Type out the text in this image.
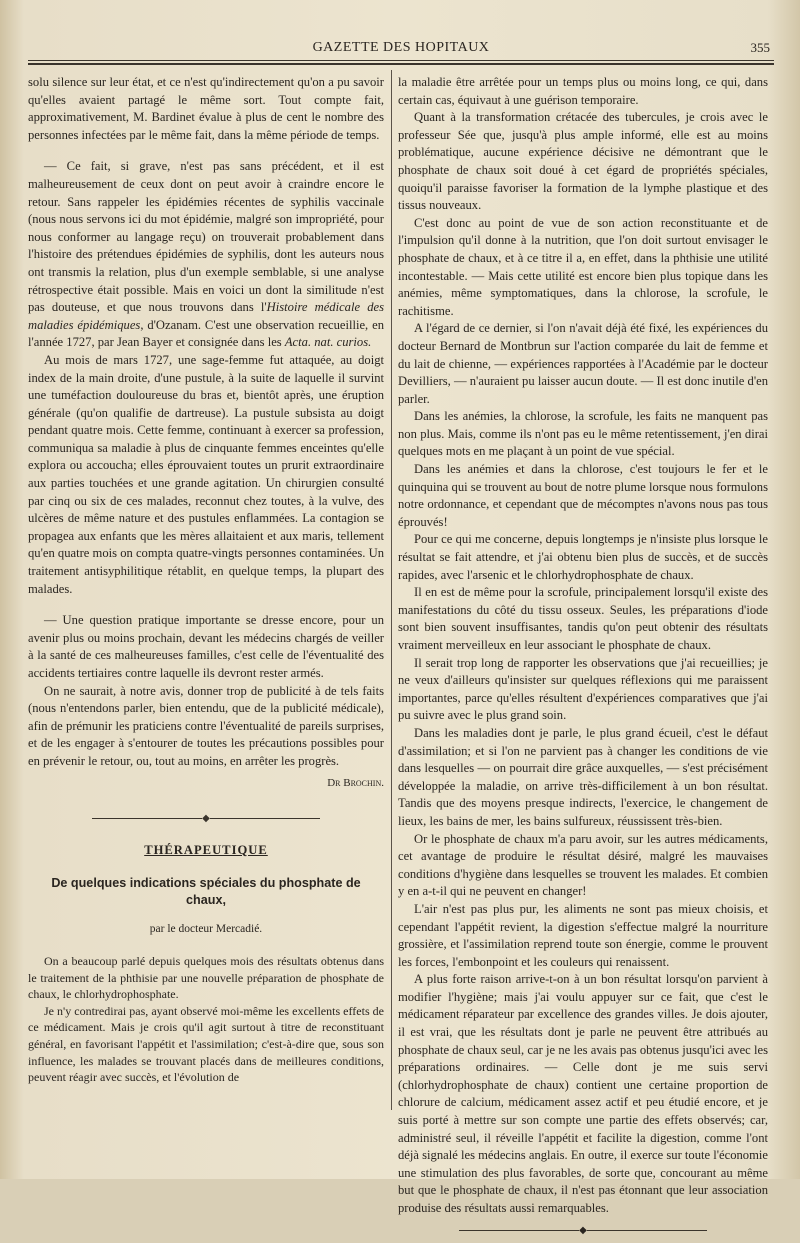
GAZETTE DES HOPITAUX	355

solu silence sur leur état, et ce n'est qu'indirectement qu'on a pu savoir qu'elles avaient partagé le même sort. Tout compte fait, approximativement, M. Bardinet évalue à plus de cent le nombre des personnes infectées par le même fait, dans la même période de temps.

— Ce fait, si grave, n'est pas sans précédent, et il est malheureusement de ceux dont on peut avoir à craindre encore le retour. Sans rappeler les épidémies récentes de syphilis vaccinale (nous nous servons ici du mot épidémie, malgré son impropriété, pour nous conformer au langage reçu) on trouverait probablement dans l'histoire des prétendues épidémies de syphilis, dont les auteurs nous ont transmis la relation, plus d'un exemple semblable, si une analyse rétrospective était possible. Mais en voici un dont la similitude n'est pas douteuse, et que nous trouvons dans l'Histoire médicale des maladies épidémiques, d'Ozanam. C'est une observation recueillie, en l'année 1727, par Jean Bayer et consignée dans les Acta. nat. curios.

Au mois de mars 1727, une sage-femme fut attaquée, au doigt index de la main droite, d'une pustule, à la suite de laquelle il survint une tuméfaction douloureuse du bras et, bientôt après, une éruption générale (qu'on qualifie de dartreuse). La pustule subsista au doigt pendant quatre mois. Cette femme, continuant à exercer sa profession, communiqua sa maladie à plus de cinquante femmes enceintes qu'elle explora ou accoucha; elles éprouvaient toutes un prurit extraordinaire aux parties touchées et une grande agitation. Un chirurgien consulté par cinq ou six de ces malades, reconnut chez toutes, à la vulve, des ulcères de même nature et des pustules enflammées. La contagion se propagea aux enfants que les mères allaitaient et aux maris, tellement qu'en quatre mois on compta quatre-vingts personnes contaminées. Un traitement antisyphilitique rétablit, en quelque temps, la plupart des malades.

— Une question pratique importante se dresse encore, pour un avenir plus ou moins prochain, devant les médecins chargés de veiller à la santé de ces malheureuses familles, c'est celle de l'éventualité des accidents tertiaires contre laquelle ils devront rester armés.

On ne saurait, à notre avis, donner trop de publicité à de tels faits (nous n'entendons parler, bien entendu, que de la publicité médicale), afin de prémunir les praticiens contre l'éventualité de pareils surprises, et de les engager à s'entourer de toutes les précautions possibles pour en prévenir le retour, ou, tout au moins, en arrêter les progrès.

Dr Brochin.
◆
THÉRAPEUTIQUE
De quelques indications spéciales du phosphate de chaux,
par le docteur Mercadié.

On a beaucoup parlé depuis quelques mois des résultats obtenus dans le traitement de la phthisie par une nouvelle préparation de phosphate de chaux, le chlorhydrophosphate.

Je n'y contredirai pas, ayant observé moi-même les excellents effets de ce médicament. Mais je crois qu'il agit surtout à titre de reconstituant général, en favorisant l'appétit et l'assimilation; c'est-à-dire que, sous son influence, les malades se trouvant placés dans de meilleures conditions, peuvent réagir avec succès, et l'évolution de

la maladie être arrêtée pour un temps plus ou moins long, ce qui, dans certain cas, équivaut à une guérison temporaire.

Quant à la transformation crétacée des tubercules, je crois avec le professeur Sée que, jusqu'à plus ample informé, elle est au moins problématique, aucune expérience décisive ne démontrant que le phosphate de chaux soit doué à cet égard de propriétés spéciales, quoiqu'il paraisse favoriser la formation de la lymphe plastique et des tissus nouveaux.

C'est donc au point de vue de son action reconstituante et de l'impulsion qu'il donne à la nutrition, que l'on doit surtout envisager le phosphate de chaux, et à ce titre il a, en effet, dans la phthisie une utilité incontestable. — Mais cette utilité est encore bien plus topique dans les anémies, même symptomatiques, dans la chlorose, la scrofule, le rachitisme.

A l'égard de ce dernier, si l'on n'avait déjà été fixé, les expériences du docteur Bernard de Montbrun sur l'action comparée du lait de femme et du lait de chienne, — expériences rapportées à l'Académie par le docteur Devilliers, — n'auraient pu laisser aucun doute. — Il est donc inutile d'en parler.

Dans les anémies, la chlorose, la scrofule, les faits ne manquent pas non plus. Mais, comme ils n'ont pas eu le même retentissement, j'en dirai quelques mots en me plaçant à un point de vue spécial.

Dans les anémies et dans la chlorose, c'est toujours le fer et le quinquina qui se trouvent au bout de notre plume lorsque nous formulons notre ordonnance, et cependant que de mécomptes n'avons nous pas tous éprouvés!

Pour ce qui me concerne, depuis longtemps je n'insiste plus lorsque le résultat se fait attendre, et j'ai obtenu bien plus de succès, et de succès rapides, avec l'arsenic et le chlorhydrophosphate de chaux.

Il en est de même pour la scrofule, principalement lorsqu'il existe des manifestations du côté du tissu osseux. Seules, les préparations d'iode sont bien souvent insuffisantes, tandis qu'on peut obtenir des résultats vraiment merveilleux en leur associant le phosphate de chaux.

Il serait trop long de rapporter les observations que j'ai recueillies; je ne veux d'ailleurs qu'insister sur quelques réflexions qui me paraissent importantes, parce qu'elles résultent d'expériences comparatives que j'ai pu suivre avec le plus grand soin.

Dans les maladies dont je parle, le plus grand écueil, c'est le défaut d'assimilation; et si l'on ne parvient pas à changer les conditions de vie dans lesquelles — on pourrait dire grâce auxquelles, — s'est précisément développée la maladie, on arrive très-difficilement à un bon résultat. Tandis que des moyens presque indirects, l'exercice, le changement de lieux, les bains de mer, les bains sulfureux, réussissent très-bien.

Or le phosphate de chaux m'a paru avoir, sur les autres médicaments, cet avantage de produire le résultat désiré, malgré les mauvaises conditions d'hygiène dans lesquelles se trouvent les malades. Et combien y en a-t-il qui ne peuvent en changer!

L'air n'est pas plus pur, les aliments ne sont pas mieux choisis, et cependant l'appétit revient, la digestion s'effectue malgré la nourriture grossière, et l'assimilation reprend toute son énergie, comme le prouvent les forces, l'embonpoint et les couleurs qui renaissent.

A plus forte raison arrive-t-on à un bon résultat lorsqu'on parvient à modifier l'hygiène; mais j'ai voulu appuyer sur ce fait, que c'est le médicament réparateur par excellence des grandes villes. Je dois ajouter, il est vrai, que les résultats dont je parle ne peuvent être attribués au phosphate de chaux seul, car je ne les avais pas obtenus jusqu'ici avec les préparations ordinaires. — Celle dont je me suis servi (chlorhydrophosphate de chaux) contient une certaine proportion de chlorure de calcium, médicament assez actif et peu étudié encore, et je suis porté à mettre sur son compte une partie des effets observés; car, administré seul, il réveille l'appétit et facilite la digestion, comme l'ont déjà signalé les médecins anglais. En outre, il exerce sur toute l'économie une stimulation des plus favorables, de sorte que, concourant au même but que le phosphate de chaux, il n'est pas étonnant que leur association produise des résultats aussi remarquables.

◆
